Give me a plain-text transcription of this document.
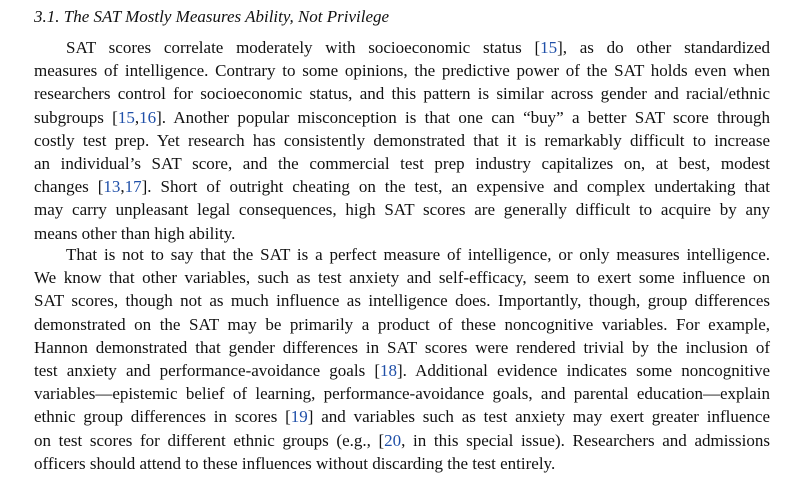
3.1. The SAT Mostly Measures Ability, Not Privilege
SAT scores correlate moderately with socioeconomic status [15], as do other standardized
measures of intelligence. Contrary to some opinions, the predictive power of the SAT holds even when
researchers control for socioeconomic status, and this pattern is similar across gender and racial/ethnic
subgroups [15,16]. Another popular misconception is that one can “buy” a better SAT score through
costly test prep. Yet research has consistently demonstrated that it is remarkably difficult to increase
an individual’s SAT score, and the commercial test prep industry capitalizes on, at best, modest
changes [13,17]. Short of outright cheating on the test, an expensive and complex undertaking that
may carry unpleasant legal consequences, high SAT scores are generally difficult to acquire by any
means other than high ability.
That is not to say that the SAT is a perfect measure of intelligence, or only measures intelligence.
We know that other variables, such as test anxiety and self-efficacy, seem to exert some influence on
SAT scores, though not as much influence as intelligence does. Importantly, though, group differences
demonstrated on the SAT may be primarily a product of these noncognitive variables. For example,
Hannon demonstrated that gender differences in SAT scores were rendered trivial by the inclusion of
test anxiety and performance-avoidance goals [18]. Additional evidence indicates some noncognitive
variables—epistemic belief of learning, performance-avoidance goals, and parental education—explain
ethnic group differences in scores [19] and variables such as test anxiety may exert greater influence
on test scores for different ethnic groups (e.g., [20, in this special issue). Researchers and admissions
officers should attend to these influences without discarding the test entirely.
